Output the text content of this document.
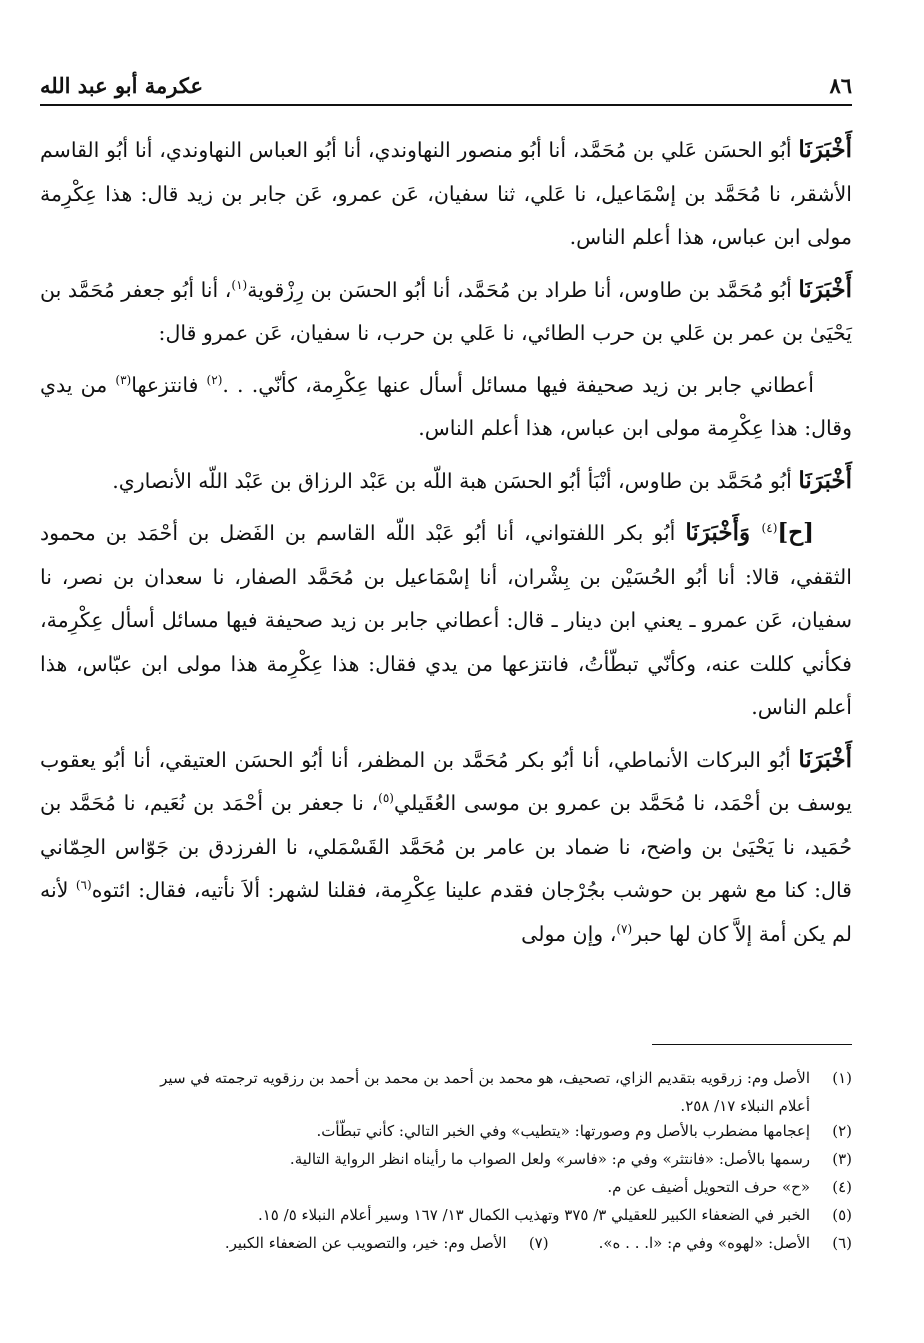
٨٦
عكرمة أبو عبد الله

أَخْبَرَنَا أبُو الحسَن عَلي بن مُحَمَّد، أنا أبُو منصور النهاوندي، أنا أبُو العباس النهاوندي، أنا أبُو القاسم الأشقر، نا مُحَمَّد بن إسْمَاعيل، نا عَلي، ثنا سفيان، عَن عمرو، عَن جابر بن زيد قال: هذا عِكْرِمة مولى ابن عباس، هذا أعلم الناس.

أَخْبَرَنَا أبُو مُحَمَّد بن طاوس، أنا طراد بن مُحَمَّد، أنا أبُو الحسَن بن رِزْقوية$^{(١)}$، أنا أبُو جعفر مُحَمَّد بن يَحْيَىٰ بن عمر بن عَلي بن حرب الطائي، نا عَلي بن حرب، نا سفيان، عَن عمرو قال:

أعطاني جابر بن زيد صحيفة فيها مسائل أسأل عنها عِكْرِمة، كأنّي. . .$^{(٢)}$ فانتزعها$^{(٣)}$ من يدي وقال: هذا عِكْرِمة مولى ابن عباس، هذا أعلم الناس.

أَخْبَرَنَا أبُو مُحَمَّد بن طاوس، أنْبَأ أبُو الحسَن هبة اللّه بن عَبْد الرزاق بن عَبْد اللّه الأنصاري.

[ح]$^{(٤)}$ وَأَخْبَرَنَا أبُو بكر اللفتواني، أنا أبُو عَبْد اللّه القاسم بن الفَضل بن أحْمَد بن محمود الثقفي، قالا: أنا أبُو الحُسَيْن بن بِشْران، أنا إسْمَاعيل بن مُحَمَّد الصفار، نا سعدان بن نصر، نا سفيان، عَن عمرو ـ يعني ابن دينار ـ قال: أعطاني جابر بن زيد صحيفة فيها مسائل أسأل عِكْرِمة، فكأني كللت عنه، وكأنّي تبطّأتُ، فانتزعها من يدي فقال: هذا عِكْرِمة هذا مولى ابن عبّاس، هذا أعلم الناس.

أَخْبَرَنَا أبُو البركات الأنماطي، أنا أبُو بكر مُحَمَّد بن المظفر، أنا أبُو الحسَن العتيقي، أنا أبُو يعقوب يوسف بن أحْمَد، نا مُحَمَّد بن عمرو بن موسى العُقَيلي$^{(٥)}$، نا جعفر بن أحْمَد بن نُعَيم، نا مُحَمَّد بن حُمَيد، نا يَحْيَىٰ بن واضح، نا ضماد بن عامر بن مُحَمَّد القَسْمَلي، نا الفرزدق بن جَوّاس الحِمّاني قال: كنا مع شهر بن حوشب بجُرْجان فقدم علينا عِكْرِمة، فقلنا لشهر: ألاَ نأتيه، فقال: ائتوه$^{(٦)}$ لأنه لم يكن أمة إلاَّ كان لها حبر$^{(٧)}$، وإن مولى

(١)
الأصل وم: زرقويه بتقديم الزاي، تصحيف، هو محمد بن أحمد بن محمد بن أحمد بن رزقويه ترجمته في سير
أعلام النبلاء ١٧/ ٢٥٨.
(٢)
إعجامها مضطرب بالأصل وم وصورتها: «يتطيب» وفي الخبر التالي: كأني تبطّأت.
(٣)
رسمها بالأصل: «فانتثر» وفي م: «فاسر» ولعل الصواب ما رأيناه انظر الرواية التالية.
(٤)
«ح» حرف التحويل أضيف عن م.
(٥)
الخبر في الضعفاء الكبير للعقيلي ٣/ ٣٧٥ وتهذيب الكمال ١٣/ ١٦٧ وسير أعلام النبلاء ٥/ ١٥.
(٦)
الأصل: «لهوه» وفي م: «ا. . . ه».
(٧)
الأصل وم: خير، والتصويب عن الضعفاء الكبير.
